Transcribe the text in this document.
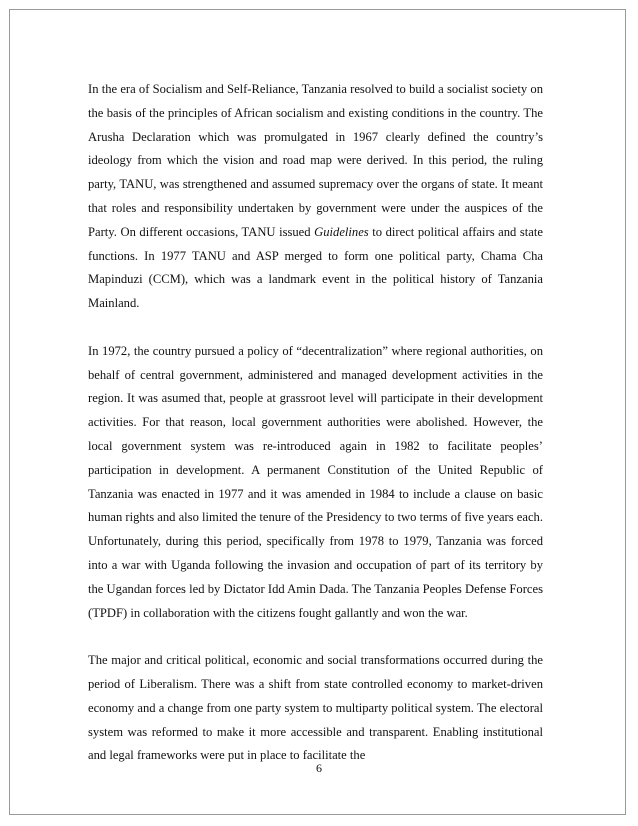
In the era of Socialism and Self-Reliance, Tanzania resolved to build a socialist society on the basis of the principles of African socialism and existing conditions in the country. The Arusha Declaration which was promulgated in 1967 clearly defined the country’s ideology from which the vision and road map were derived. In this period, the ruling party, TANU, was strengthened and assumed supremacy over the organs of state. It meant that roles and responsibility undertaken by government were under the auspices of the Party. On different occasions, TANU issued Guidelines to direct political affairs and state functions. In 1977 TANU and ASP merged to form one political party, Chama Cha Mapinduzi (CCM), which was a landmark event in the political history of Tanzania Mainland.

In 1972, the country pursued a policy of “decentralization” where regional authorities, on behalf of central government, administered and managed development activities in the region. It was asumed that, people at grassroot level will participate in their development activities. For that reason, local government authorities were abolished. However, the local government system was re-introduced again in 1982 to facilitate peoples’ participation in development. A permanent Constitution of the United Republic of Tanzania was enacted in 1977 and it was amended in 1984 to include a clause on basic human rights and also limited the tenure of the Presidency to two terms of five years each. Unfortunately, during this period, specifically from 1978 to 1979, Tanzania was forced into a war with Uganda following the invasion and occupation of part of its territory by the Ugandan forces led by Dictator Idd Amin Dada. The Tanzania Peoples Defense Forces (TPDF) in collaboration with the citizens fought gallantly and won the war.

The major and critical political, economic and social transformations occurred during the period of Liberalism. There was a shift from state controlled economy to market-driven economy and a change from one party system to multiparty political system. The electoral system was reformed to make it more accessible and transparent. Enabling institutional and legal frameworks were put in place to facilitate the

6
